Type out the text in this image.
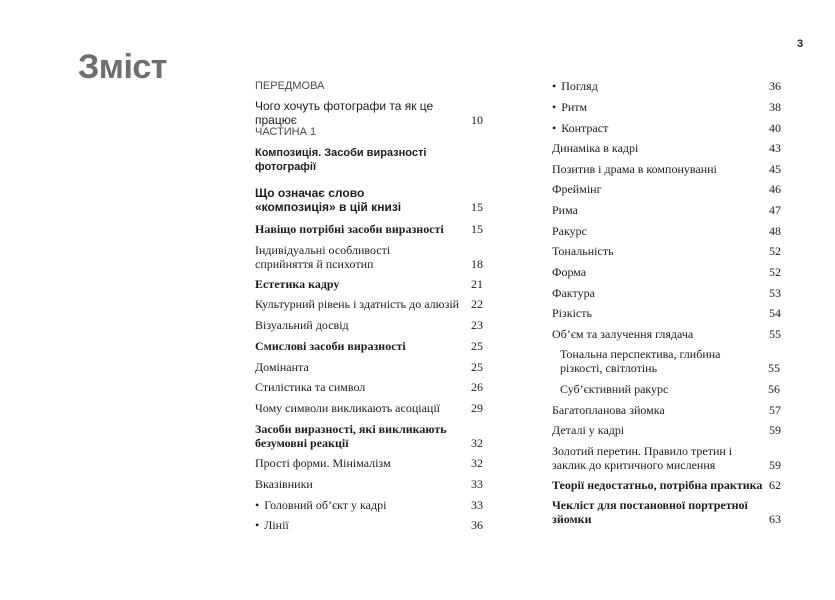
3
Зміст	ПЕРЕДМОВА
Чого хочуть фотографи та як це працює	10
ЧАСТИНА 1
Композиція. Засоби виразності фотографії
Що означає слово «композиція» в цій книзі	15
Навіщо потрібні засоби виразності 15
Індивідуальні особливості сприйняття й психотип	18
Естетика кадру	21
Культурний рівень і здатність до алюзій 22
Візуальний досвід	23
Смислові засоби виразності	25
Домінанта	25
Стилістика та символ	26
Чому символи викликають асоціації	29
Засоби виразності, які викликають безумовні реакції	32
Прості форми. Мінімалізм	32
Вказівники	33
• Головний об’єкт у кадрі	33
• Лінії	36
• Погляд	36
• Ритм	38
• Контраст	40
Динаміка в кадрі	43
Позитив і драма в компонуванні	45
Фреймінг	46
Рима	47
Ракурс	48
Тональність	52
Форма	52
Фактура	53
Різкість	54
Об’єм та залучення глядача	55
Тональна перспектива, глибина різкості, світлотінь	55
Суб’єктивний ракурс	56
Багатопланова зйомка	57
Деталі у кадрі	59
Золотий перетин. Правило третин і заклик до критичного мислення	59
Теорії недостатньо, потрібна практика 62
Чекліст для постановної портретної зйомки	63
